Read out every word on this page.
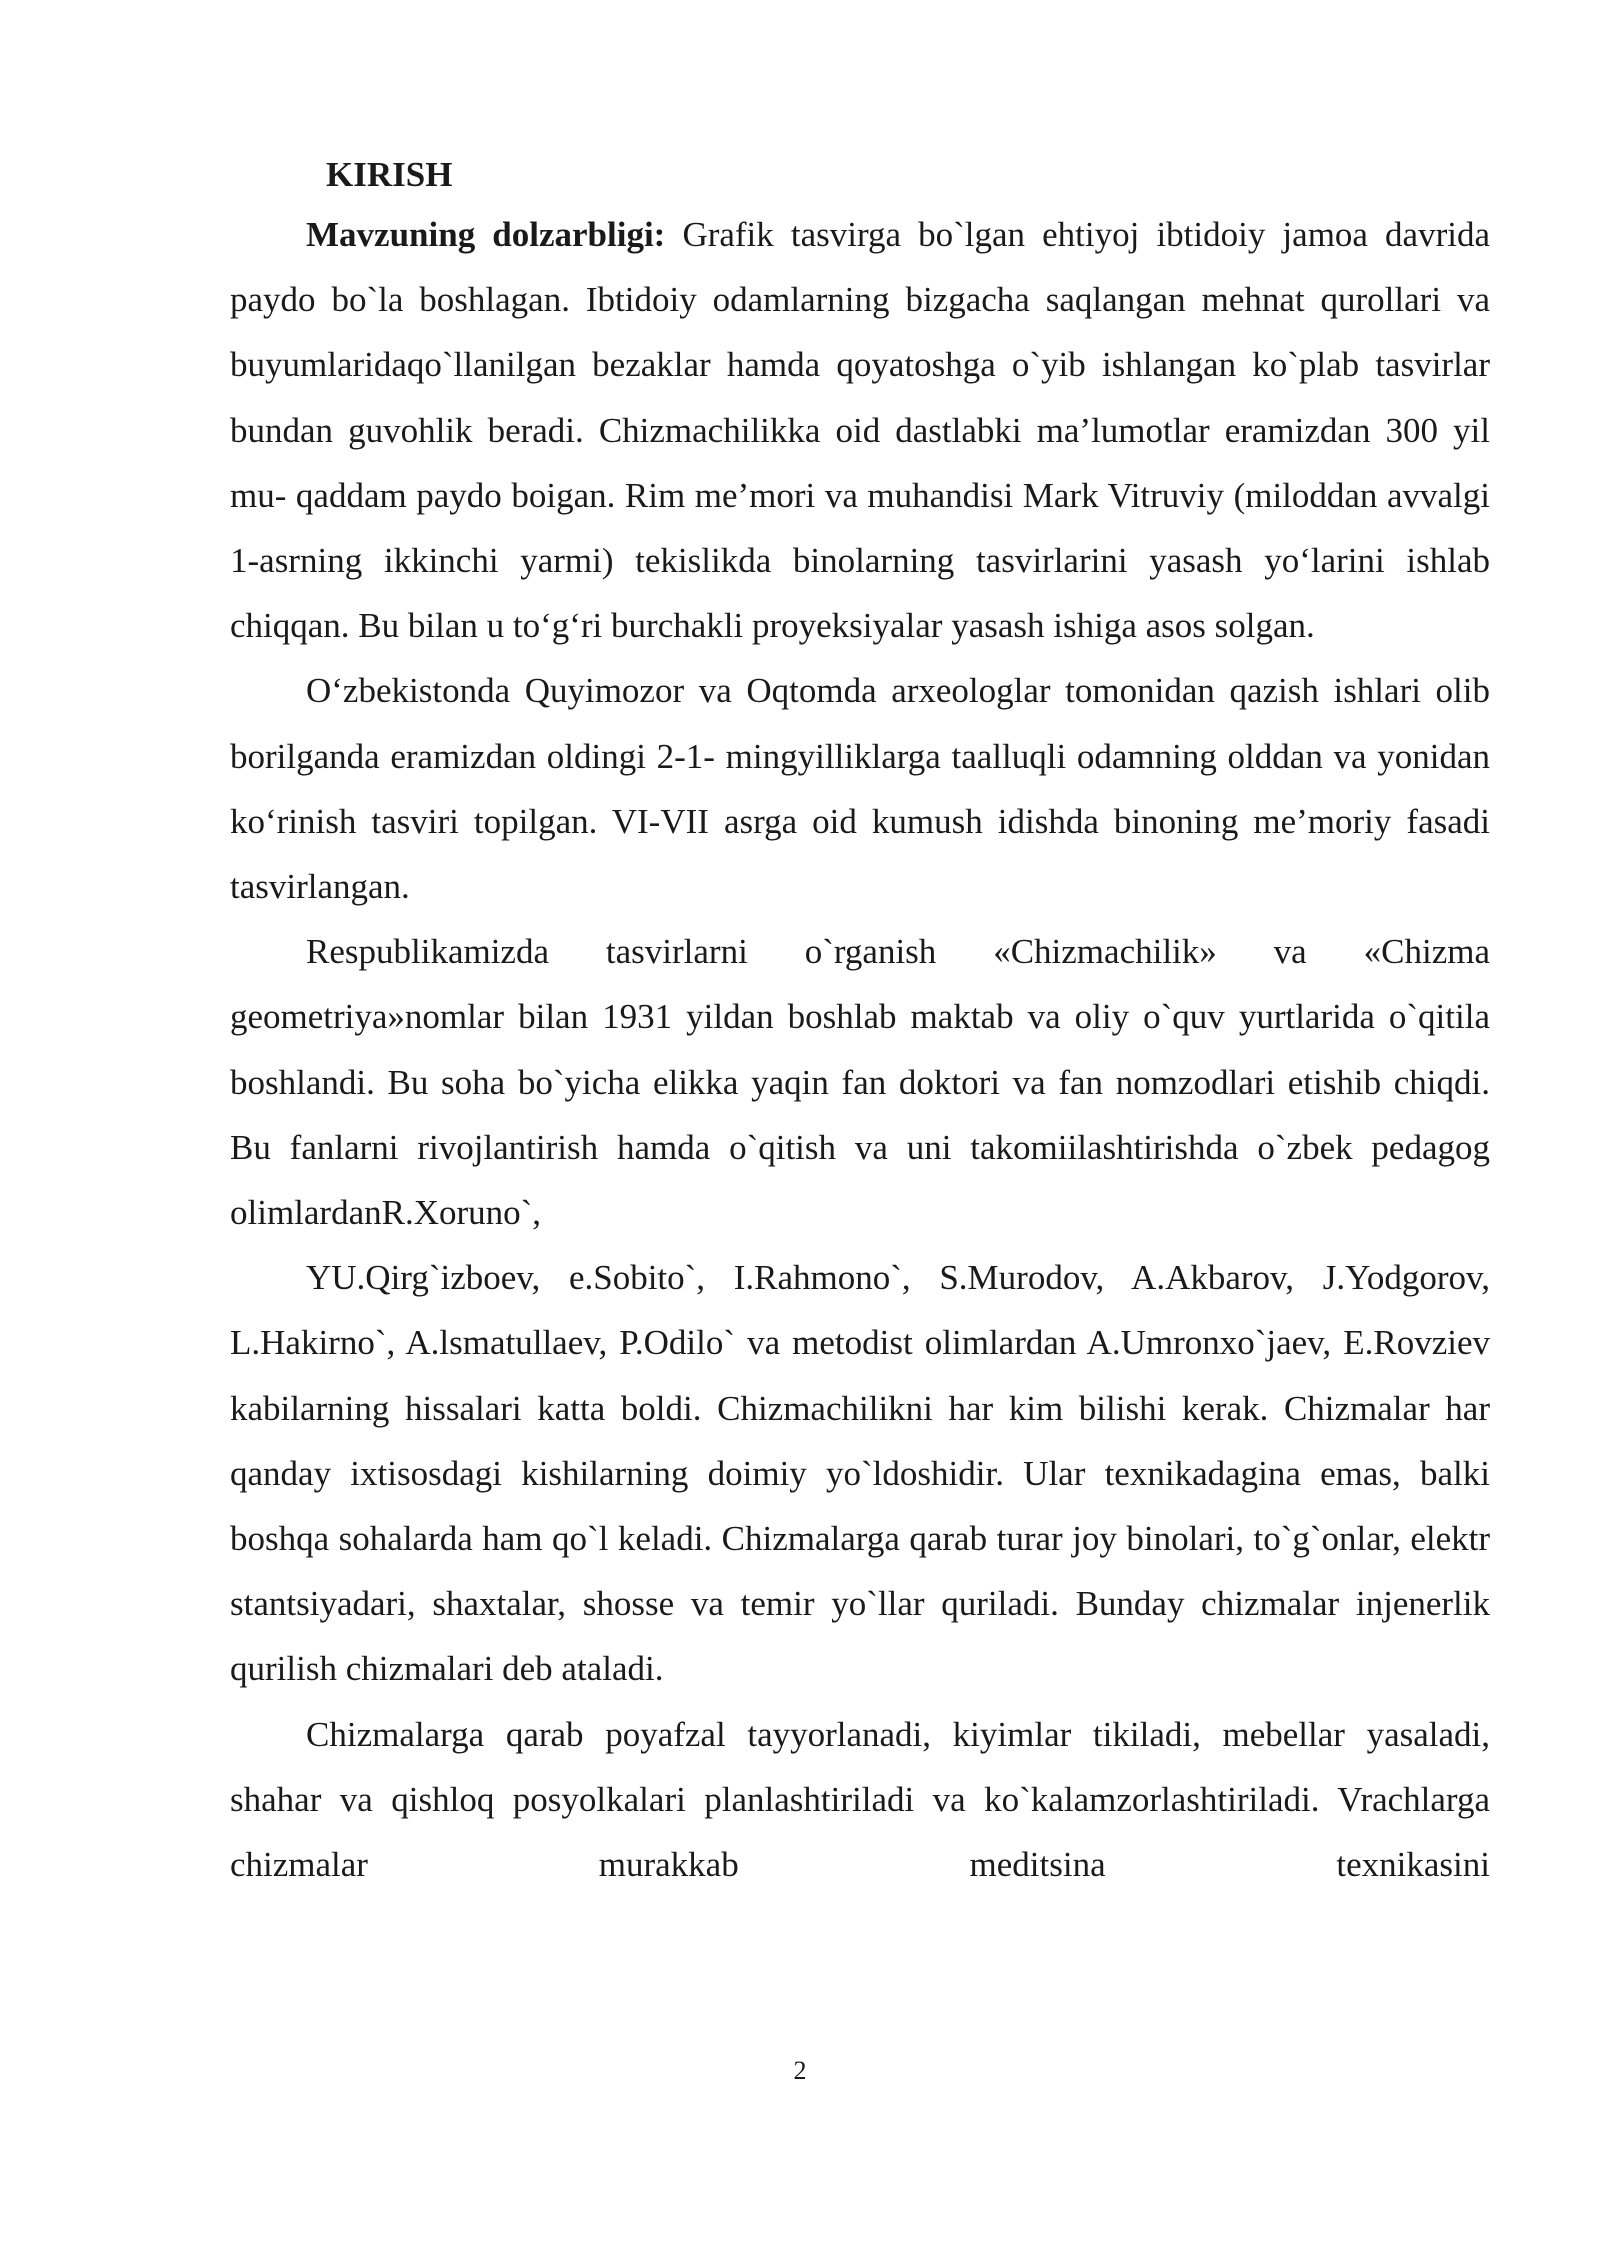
KIRISH

Mavzuning dolzarbligi: Grafik tasvirga bo`lgan ehtiyoj ibtidoiy jamoa davrida paydo bo`la boshlagan. Ibtidoiy odamlarning bizgacha saqlangan mehnat qurollari va buyumlaridaqo`llanilgan bezaklar hamda qoyatoshga o`yib ishlangan ko`plab tasvirlar bundan guvohlik beradi. Chizmachilikka oid dastlabki ma’lumotlar eramizdan 300 yil mu- qaddam paydo boigan. Rim me’mori va muhandisi Mark Vitruviy (miloddan avvalgi 1-asrning ikkinchi yarmi) tekislikda binolarning tasvirlarini yasash yo‘larini ishlab chiqqan. Bu bilan u to‘g‘ri burchakli proyeksiyalar yasash ishiga asos solgan.

O‘zbekistonda Quyimozor va Oqtomda arxeologlar tomonidan qazish ishlari olib borilganda eramizdan oldingi 2-1- mingyilliklarga taalluqli odamning olddan va yonidan ko‘rinish tasviri topilgan. VI-VII asrga oid kumush idishda binoning me’moriy fasadi tasvirlangan.

Respublikamizda tasvirlarni o`rganish «Chizmachilik» va «Chizma geometriya»nomlar bilan 1931 yildan boshlab maktab va oliy o`quv yurtlarida o`qitila boshlandi. Bu soha bo`yicha elikka yaqin fan doktori va fan nomzodlari etishib chiqdi. Bu fanlarni rivojlantirish hamda o`qitish va uni takomiilashtirishda o`zbek pedagog olimlardanR.Xoruno`,

YU.Qirg`izboev, e.Sobito`, I.Rahmono`, S.Murodov, A.Akbarov, J.Yodgorov, L.Hakirno`, A.lsmatullaev, P.Odilo` va metodist olimlardan A.Umronxo`jaev, E.Rovziev kabilarning hissalari katta boldi. Chizmachilikni har kim bilishi kerak. Chizmalar har qanday ixtisosdagi kishilarning doimiy yo`ldoshidir. Ular texnikadagina emas, balki boshqa sohalarda ham qo`l keladi. Chizmalarga qarab turar joy binolari, to`g`onlar, elektr stantsiyadari, shaxtalar, shosse va temir yo`llar quriladi. Bunday chizmalar injenerlik qurilish chizmalari deb ataladi.

Chizmalarga qarab poyafzal tayyorlanadi, kiyimlar tikiladi, mebellar yasaladi, shahar va qishloq posyolkalari planlashtiriladi va ko`kalamzorlashtiriladi. Vrachlarga chizmalar murakkab meditsina texnikasini

2
